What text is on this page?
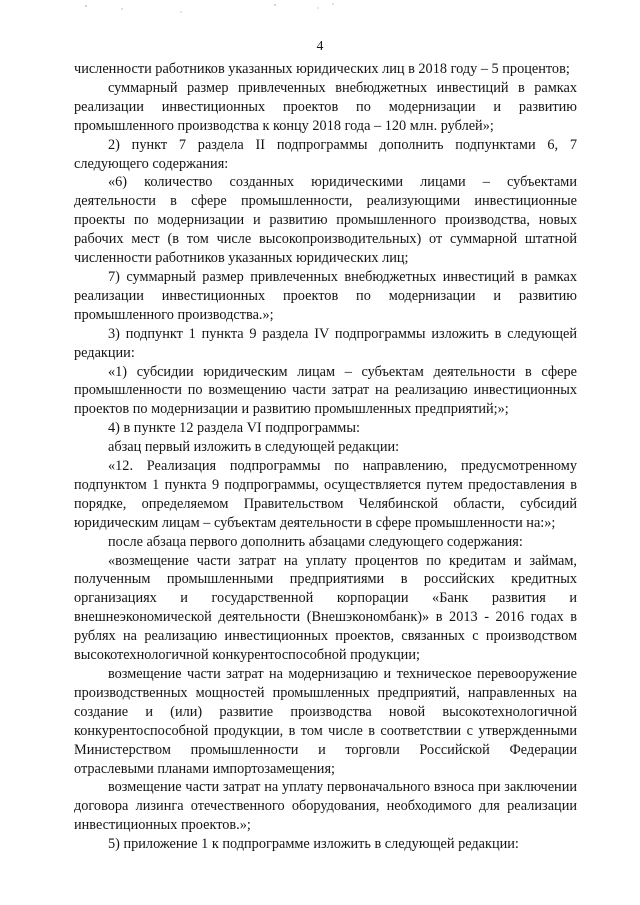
4

численности работников указанных юридических лиц в 2018 году – 5 процентов;

суммарный размер привлеченных внебюджетных инвестиций в рамках реализации инвестиционных проектов по модернизации и развитию промышленного производства к концу 2018 года – 120 млн. рублей»;

2) пункт 7 раздела II подпрограммы дополнить подпунктами 6, 7 следующего содержания:

«6) количество созданных юридическими лицами – субъектами деятельности в сфере промышленности, реализующими инвестиционные проекты по модернизации и развитию промышленного производства, новых рабочих мест (в том числе высокопроизводительных) от суммарной штатной численности работников указанных юридических лиц;

7) суммарный размер привлеченных внебюджетных инвестиций в рамках реализации инвестиционных проектов по модернизации и развитию промышленного производства.»;

3) подпункт 1 пункта 9 раздела IV подпрограммы изложить в следующей редакции:

«1) субсидии юридическим лицам – субъектам деятельности в сфере промышленности по возмещению части затрат на реализацию инвестиционных проектов по модернизации и развитию промышленных предприятий;»;

4) в пункте 12 раздела VI подпрограммы:

абзац первый изложить в следующей редакции:

«12. Реализация подпрограммы по направлению, предусмотренному подпунктом 1 пункта 9 подпрограммы, осуществляется путем предоставления в порядке, определяемом Правительством Челябинской области, субсидий юридическим лицам – субъектам деятельности в сфере промышленности на:»;

после абзаца первого дополнить абзацами следующего содержания:

«возмещение части затрат на уплату процентов по кредитам и займам, полученным промышленными предприятиями в российских кредитных организациях и государственной корпорации «Банк развития и внешнеэкономической деятельности (Внешэкономбанк)» в 2013 - 2016 годах в рублях на реализацию инвестиционных проектов, связанных с производством высокотехнологичной конкурентоспособной продукции;

возмещение части затрат на модернизацию и техническое перевооружение производственных мощностей промышленных предприятий, направленных на создание и (или) развитие производства новой высокотехнологичной конкурентоспособной продукции, в том числе в соответствии с утвержденными Министерством промышленности и торговли Российской Федерации отраслевыми планами импортозамещения;

возмещение части затрат на уплату первоначального взноса при заключении договора лизинга отечественного оборудования, необходимого для реализации инвестиционных проектов.»;

5) приложение 1 к подпрограмме изложить в следующей редакции:
